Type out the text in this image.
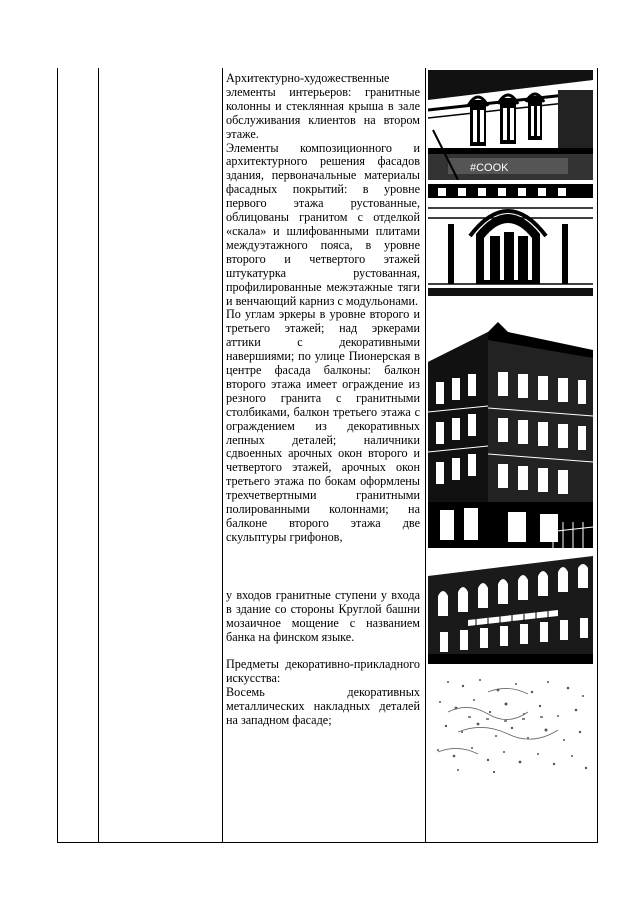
Архитектурно-художественные элементы интерьеров: гранитные колонны и стеклянная крыша в зале обслуживания клиентов на втором этаже.

Элементы композиционного и архитектурного решения фасадов здания, первоначальные материалы фасадных покрытий: в уровне первого этажа рустованные, облицованы гранитом с отделкой «скала» и шлифованными плитами междуэтажного пояса, в уровне второго и четвертого этажей штукатурка рустованная, профилированные межэтажные тяги и венчающий карниз с модульонами.

По углам эркеры в уровне второго и третьего этажей; над эркерами аттики с декоративными навершиями; по улице Пионерская в центре фасада балконы: балкон второго этажа имеет ограждение из резного гранита с гранитными столбиками, балкон третьего этажа с ограждением из декоративных лепных деталей; наличники сдвоенных арочных окон второго и четвертого этажей, арочных окон третьего этажа по бокам оформлены трехчетвертными гранитными полированными колоннами; на балконе второго этажа две скульптуры грифонов,

у входов гранитные ступени у входа в здание со стороны Круглой башни мозаичное мощение с названием банка на финском языке.

Предметы декоративно-прикладного искусства:

Восемь декоративных металлических накладных деталей на западном фасаде;

#COOK
